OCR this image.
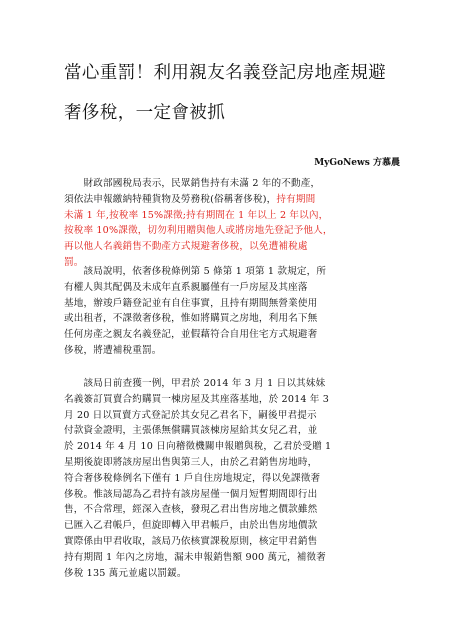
當心重罰！利用親友名義登記房地產規避
奢侈稅，一定會被抓
MyGoNews 方慕晨
　　財政部國稅局表示，民眾銷售持有未滿 2 年的不動產，
須依法申報繳納特種貨物及勞務稅(俗稱奢侈稅)，持有期間
未滿 1 年,按稅率 15%課徵;持有期間在 1 年以上 2 年以內，
按稅率 10%課徵，切勿利用贈與他人或將房地先登記予他人，
再以他人名義銷售不動產方式規避奢侈稅，以免遭補稅處
罰。
　　該局說明，依奢侈稅條例第 5 條第 1 項第 1 款規定，所
有權人與其配偶及未成年直系親屬僅有一戶房屋及其座落
基地，辦竣戶籍登記並有自住事實，且持有期間無營業使用
或出租者，不課徵奢侈稅，惟如將購買之房地，利用名下無
任何房產之親友名義登記，並假藉符合自用住宅方式規避奢
侈稅，將遭補稅重罰。
　　該局日前查獲一例，甲君於 2014 年 3 月 1 日以其妹妹
名義簽訂買賣合約購買一棟房屋及其座落基地，於 2014 年 3
月 20 日以買賣方式登記於其女兒乙君名下，嗣後甲君提示
付款資金證明，主張係無償購買該棟房屋給其女兒乙君，並
於 2014 年 4 月 10 日向稽徵機關申報贈與稅，乙君於受贈 1
星期後旋即將該房屋出售與第三人，由於乙君銷售房地時，
符合奢侈稅條例名下僅有 1 戶自住房地規定，得以免課徵奢
侈稅。惟該局認為乙君持有該房屋僅一個月短暫期間即行出
售，不合常理，經深入查核，發現乙君出售房地之價款雖然
已匯入乙君帳戶，但旋即轉入甲君帳戶，由於出售房地價款
實際係由甲君收取，該局乃依核實課稅原則，核定甲君銷售
持有期間 1 年內之房地，漏未申報銷售額 900 萬元，補徵奢
侈稅 135 萬元並處以罰鍰。
